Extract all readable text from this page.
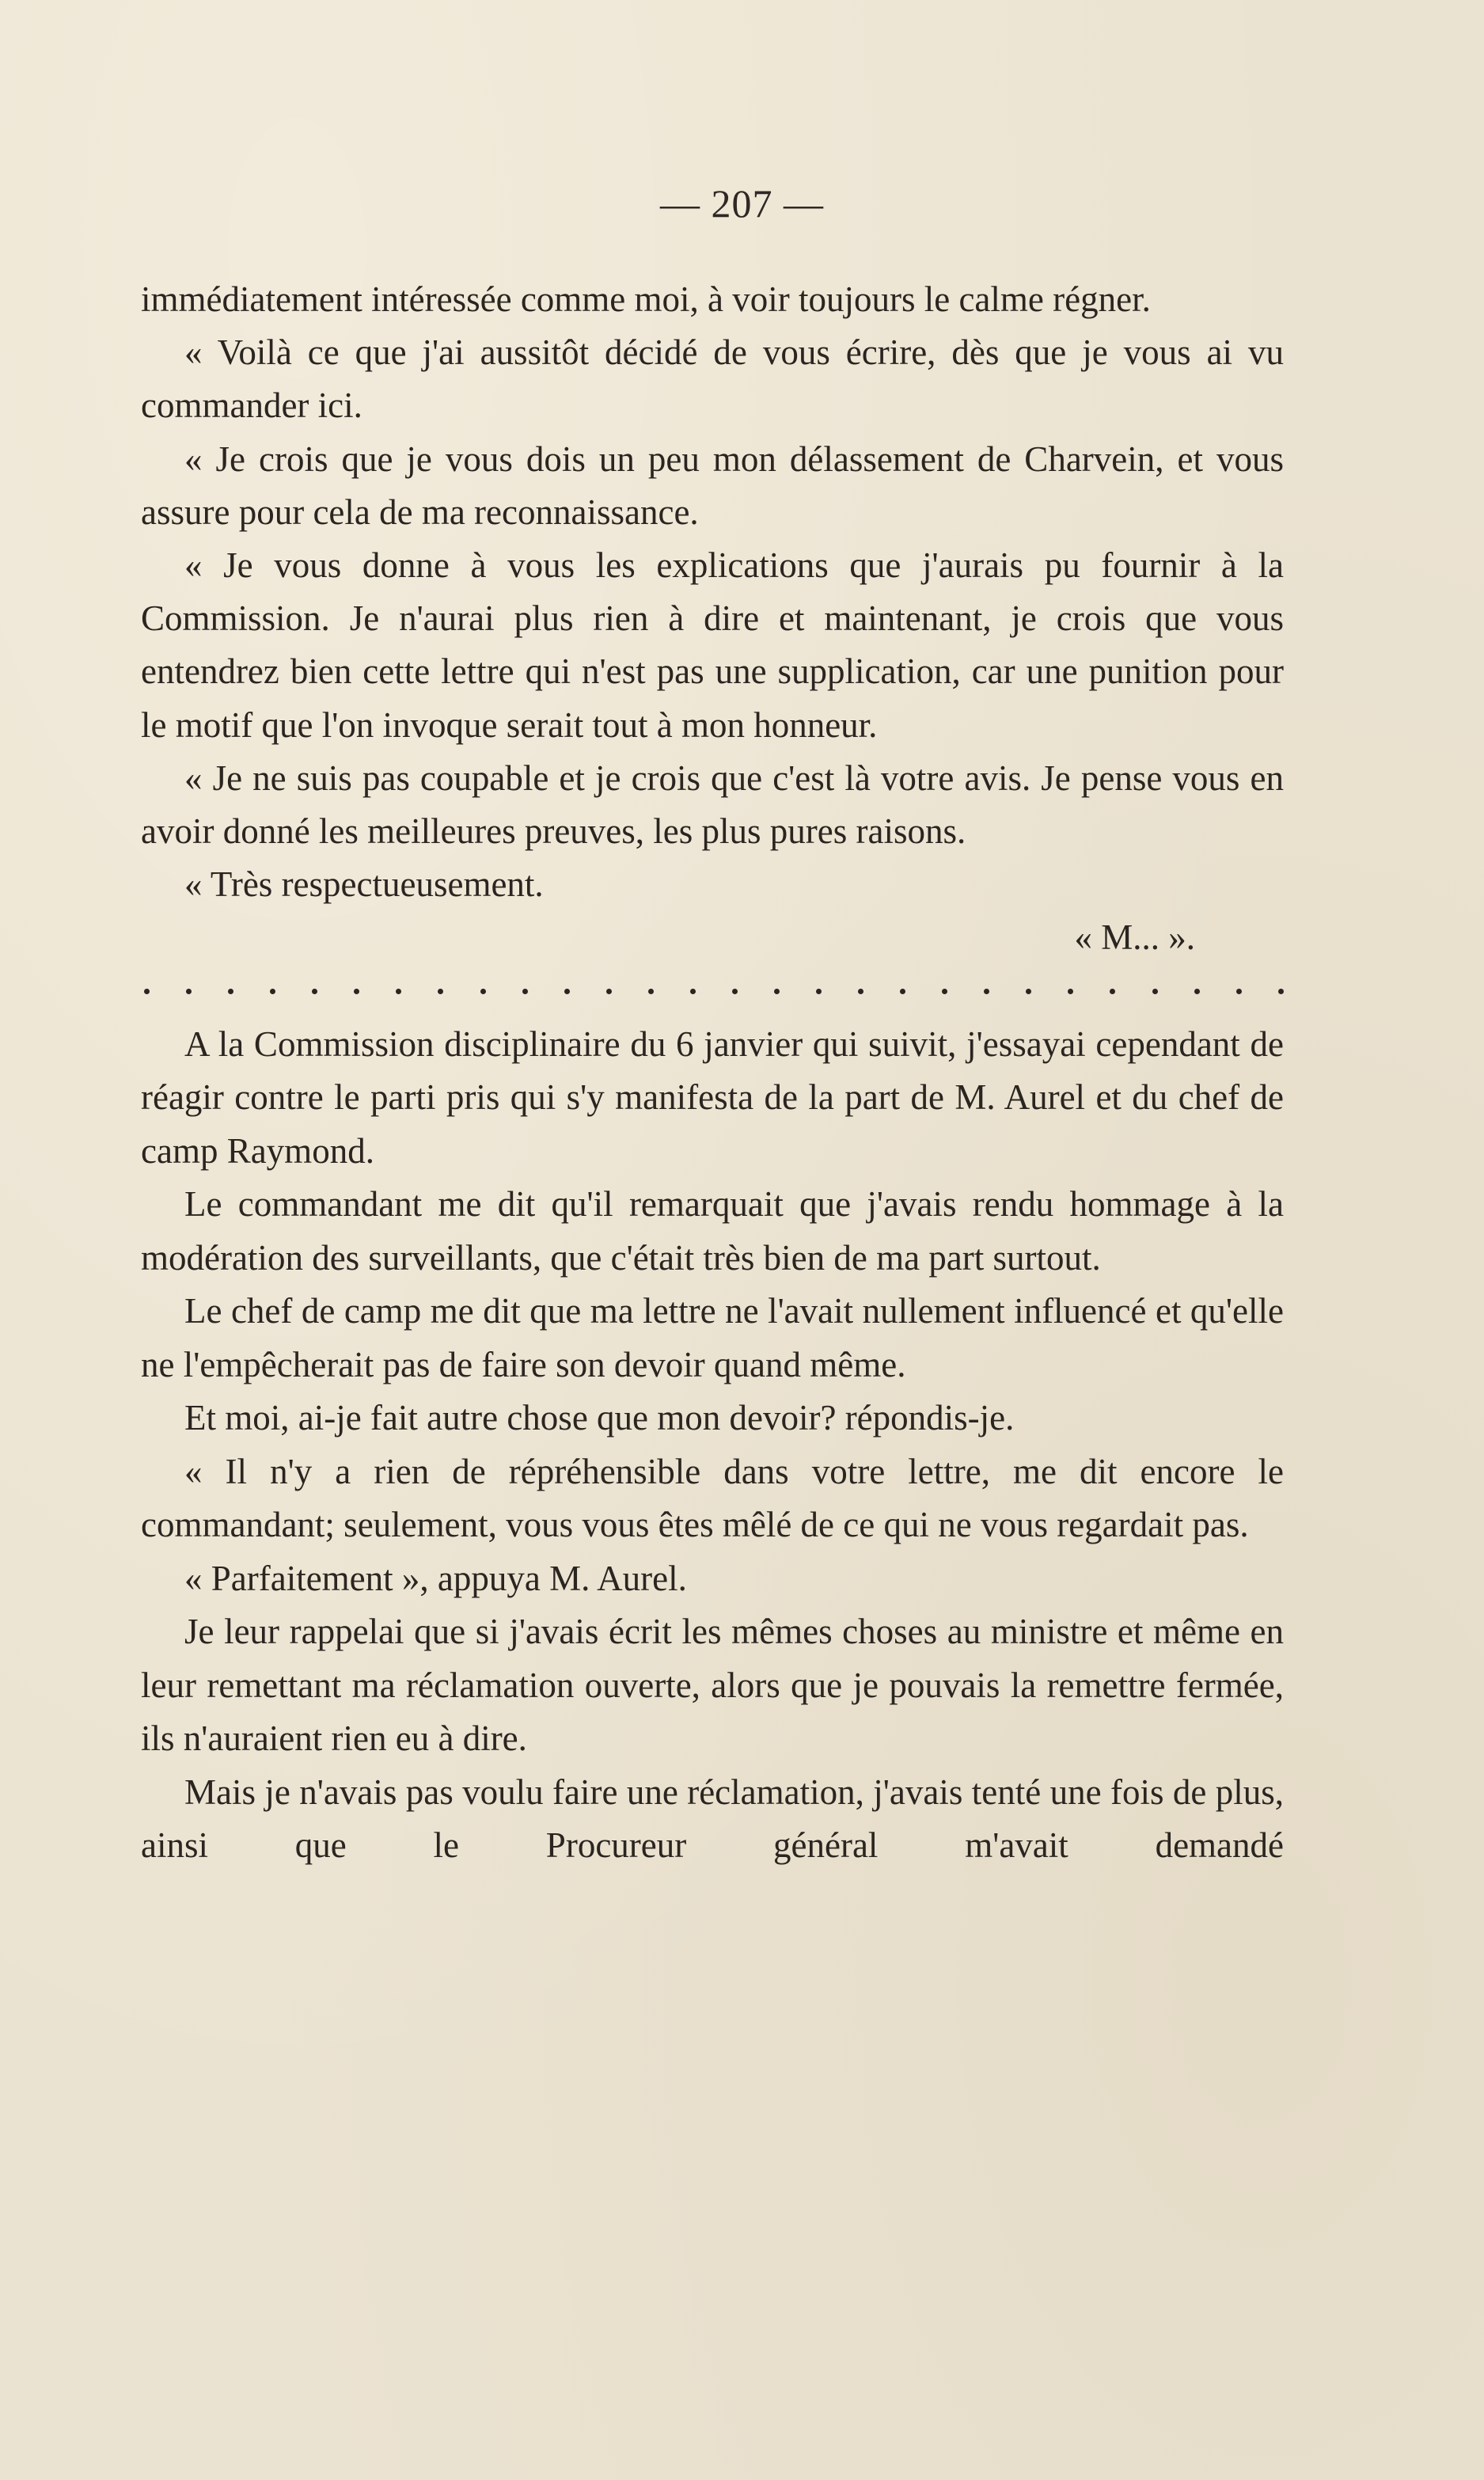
— 207 —

immédiatement intéressée comme moi, à voir toujours le calme régner.

« Voilà ce que j'ai aussitôt décidé de vous écrire, dès que je vous ai vu commander ici.

« Je crois que je vous dois un peu mon délassement de Charvein, et vous assure pour cela de ma reconnaissance.

« Je vous donne à vous les explications que j'aurais pu fournir à la Commission. Je n'aurai plus rien à dire et maintenant, je crois que vous entendrez bien cette lettre qui n'est pas une supplication, car une punition pour le motif que l'on invoque serait tout à mon honneur.

« Je ne suis pas coupable et je crois que c'est là votre avis. Je pense vous en avoir donné les meilleures preuves, les plus pures raisons.

« Très respectueusement.

« M... ».

A la Commission disciplinaire du 6 janvier qui suivit, j'essayai cependant de réagir contre le parti pris qui s'y manifesta de la part de M. Aurel et du chef de camp Raymond.

Le commandant me dit qu'il remarquait que j'avais rendu hommage à la modération des surveillants, que c'était très bien de ma part surtout.

Le chef de camp me dit que ma lettre ne l'avait nullement influencé et qu'elle ne l'empêcherait pas de faire son devoir quand même.

Et moi, ai-je fait autre chose que mon devoir? répondis-je.

« Il n'y a rien de répréhensible dans votre lettre, me dit encore le commandant; seulement, vous vous êtes mêlé de ce qui ne vous regardait pas.

« Parfaitement », appuya M. Aurel.

Je leur rappelai que si j'avais écrit les mêmes choses au ministre et même en leur remettant ma réclamation ouverte, alors que je pouvais la remettre fermée, ils n'auraient rien eu à dire.

Mais je n'avais pas voulu faire une réclamation, j'avais tenté une fois de plus, ainsi que le Procureur général m'avait demandé
